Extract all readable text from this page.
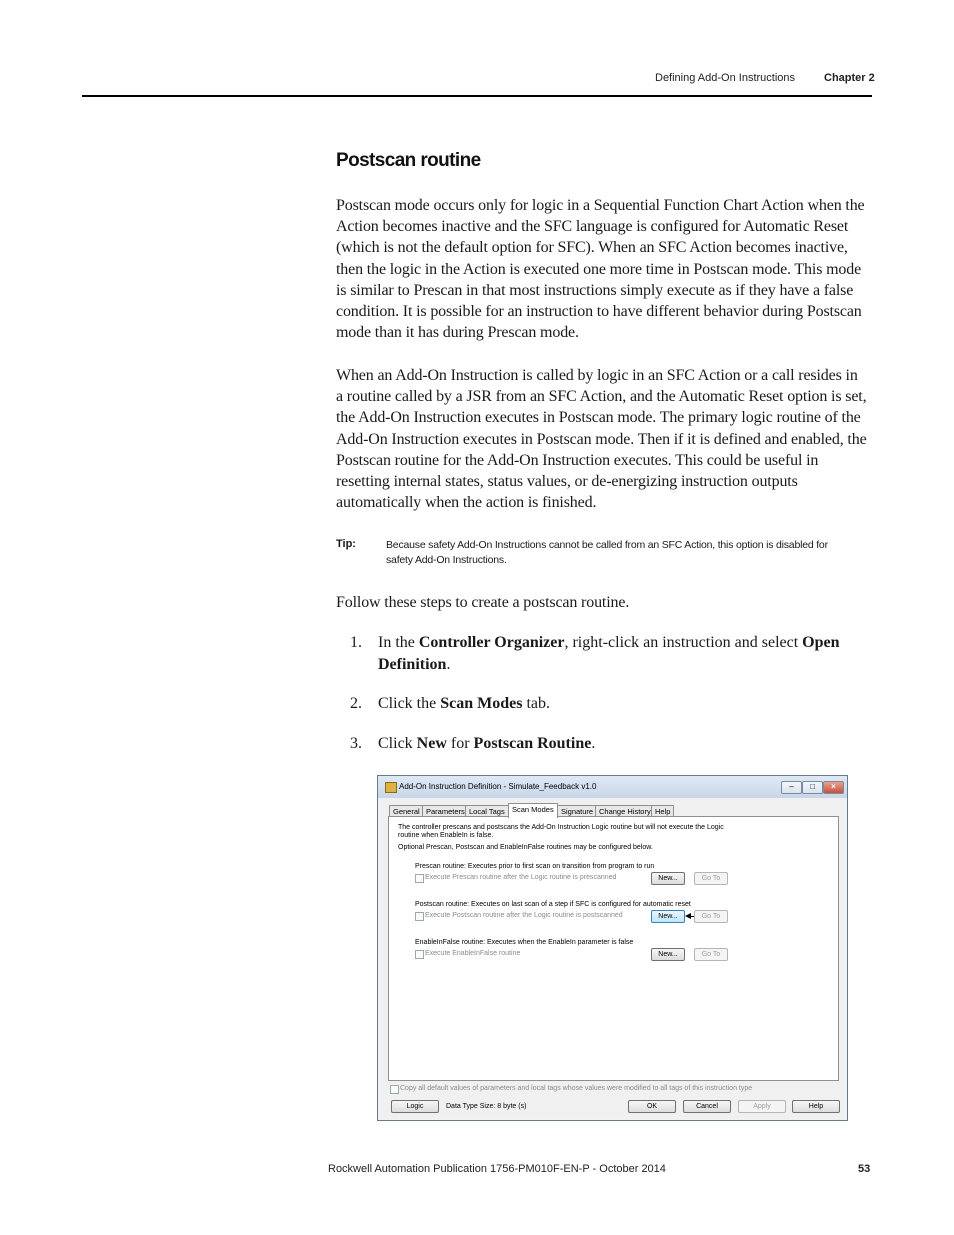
Defining Add-On Instructions	Chapter 2
Postscan routine

Postscan mode occurs only for logic in a Sequential Function Chart Action when the Action becomes inactive and the SFC language is configured for Automatic Reset (which is not the default option for SFC). When an SFC Action becomes inactive, then the logic in the Action is executed one more time in Postscan mode. This mode is similar to Prescan in that most instructions simply execute as if they have a false condition. It is possible for an instruction to have different behavior during Postscan mode than it has during Prescan mode.

When an Add-On Instruction is called by logic in an SFC Action or a call resides in a routine called by a JSR from an SFC Action, and the Automatic Reset option is set, the Add-On Instruction executes in Postscan mode. The primary logic routine of the Add-On Instruction executes in Postscan mode. Then if it is defined and enabled, the Postscan routine for the Add-On Instruction executes. This could be useful in resetting internal states, status values, or de-energizing instruction outputs automatically when the action is finished.

Tip:	Because safety Add-On Instructions cannot be called from an SFC Action, this option is disabled for safety Add-On Instructions.

Follow these steps to create a postscan routine.

1.	In the Controller Organizer, right-click an instruction and select Open Definition.
2.	Click the Scan Modes tab.
3.	Click New for Postscan Routine.
Add-On Instruction Definition - Simulate_Feedback v1.0	–	□	×
General Parameters Local Tags Scan Modes Signature Change History Help
The controller prescans and postscans the Add-On Instruction Logic routine but will not execute the Logic
routine when EnableIn is false.
Optional Prescan, Postscan and EnableInFalse routines may be configured below.
Prescan routine: Executes prior to first scan on transition from program to run
Execute Prescan routine after the Logic routine is prescanned	New...	Go To
Postscan routine: Executes on last scan of a step if SFC is configured for automatic reset
Execute Postscan routine after the Logic routine is postscanned	New...	Go To
EnableInFalse routine: Executes when the EnableIn parameter is false
Execute EnableInFalse routine	New...	Go To
Copy all default values of parameters and local tags whose values were modified to all tags of this instruction type
Logic	Data Type Size: 8 byte (s)	OK	Cancel	Apply	Help
Rockwell Automation Publication 1756-PM010F-EN-P - October 2014	53
